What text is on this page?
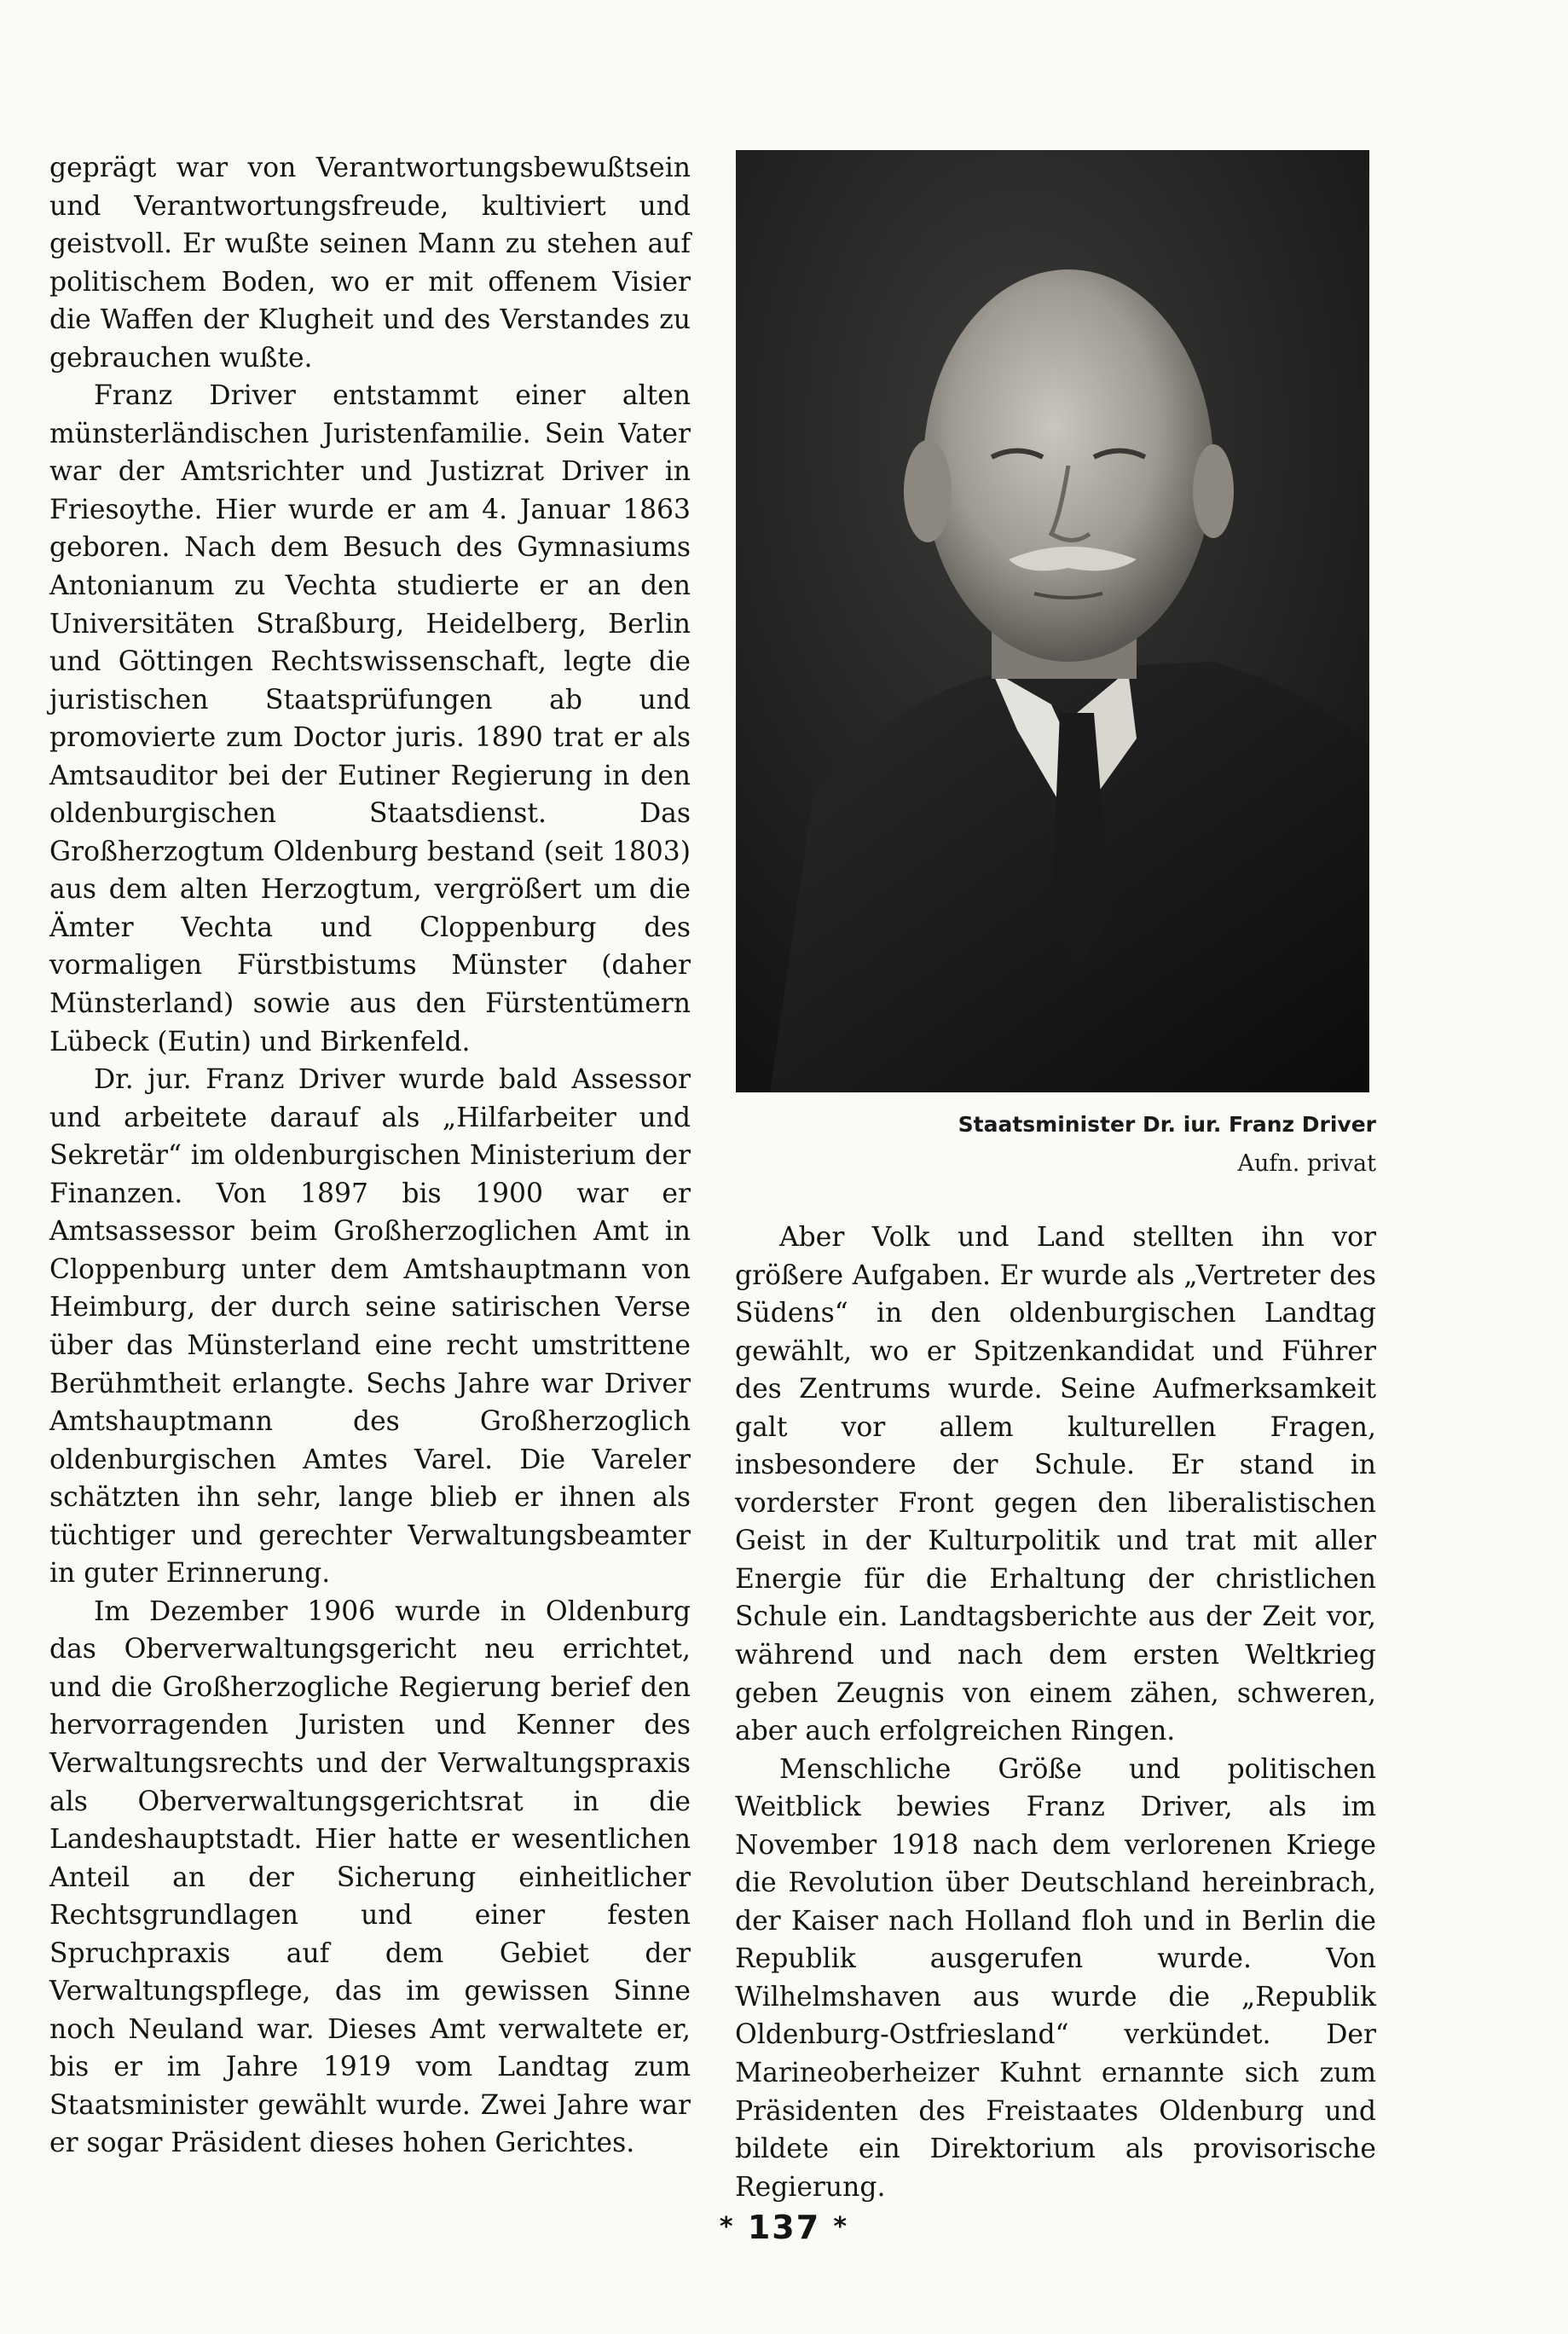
geprägt war von Verantwortungsbewußtsein und Verantwortungsfreude, kultiviert und geistvoll. Er wußte seinen Mann zu stehen auf politischem Boden, wo er mit offenem Visier die Waffen der Klugheit und des Verstandes zu gebrauchen wußte.

Franz Driver entstammt einer alten münsterländischen Juristenfamilie. Sein Vater war der Amtsrichter und Justizrat Driver in Friesoythe. Hier wurde er am 4. Januar 1863 geboren. Nach dem Besuch des Gymnasiums Antonianum zu Vechta studierte er an den Universitäten Straßburg, Heidelberg, Berlin und Göttingen Rechtswissenschaft, legte die juristischen Staatsprüfungen ab und promovierte zum Doctor juris. 1890 trat er als Amtsauditor bei der Eutiner Regierung in den oldenburgischen Staatsdienst. Das Großherzogtum Oldenburg bestand (seit 1803) aus dem alten Herzogtum, vergrößert um die Ämter Vechta und Cloppenburg des vormaligen Fürstbistums Münster (daher Münsterland) sowie aus den Fürstentümern Lübeck (Eutin) und Birkenfeld.

Dr. jur. Franz Driver wurde bald Assessor und arbeitete darauf als „Hilfarbeiter und Sekretär“ im oldenburgischen Ministerium der Finanzen. Von 1897 bis 1900 war er Amtsassessor beim Großherzoglichen Amt in Cloppenburg unter dem Amtshauptmann von Heimburg, der durch seine satirischen Verse über das Münsterland eine recht umstrittene Berühmtheit erlangte. Sechs Jahre war Driver Amtshauptmann des Großherzoglich oldenburgischen Amtes Varel. Die Vareler schätzten ihn sehr, lange blieb er ihnen als tüchtiger und gerechter Verwaltungsbeamter in guter Erinnerung.

Im Dezember 1906 wurde in Oldenburg das Oberverwaltungsgericht neu errichtet, und die Großherzogliche Regierung berief den hervorragenden Juristen und Kenner des Verwaltungsrechts und der Verwaltungspraxis als Oberverwaltungsgerichtsrat in die Landeshauptstadt. Hier hatte er wesentlichen Anteil an der Sicherung einheitlicher Rechtsgrundlagen und einer festen Spruchpraxis auf dem Gebiet der Verwaltungspflege, das im gewissen Sinne noch Neuland war. Dieses Amt verwaltete er, bis er im Jahre 1919 vom Landtag zum Staatsminister gewählt wurde. Zwei Jahre war er sogar Präsident dieses hohen Gerichtes.

Staatsminister Dr. iur. Franz Driver
Aufn. privat

Aber Volk und Land stellten ihn vor größere Aufgaben. Er wurde als „Vertreter des Südens“ in den oldenburgischen Landtag gewählt, wo er Spitzenkandidat und Führer des Zentrums wurde. Seine Aufmerksamkeit galt vor allem kulturellen Fragen, insbesondere der Schule. Er stand in vorderster Front gegen den liberalistischen Geist in der Kulturpolitik und trat mit aller Energie für die Erhaltung der christlichen Schule ein. Landtagsberichte aus der Zeit vor, während und nach dem ersten Weltkrieg geben Zeugnis von einem zähen, schweren, aber auch erfolgreichen Ringen.

Menschliche Größe und politischen Weitblick bewies Franz Driver, als im November 1918 nach dem verlorenen Kriege die Revolution über Deutschland hereinbrach, der Kaiser nach Holland floh und in Berlin die Republik ausgerufen wurde. Von Wilhelmshaven aus wurde die „Republik Oldenburg-Ostfriesland“ verkündet. Der Marineoberheizer Kuhnt ernannte sich zum Präsidenten des Freistaates Oldenburg und bildete ein Direktorium als provisorische Regierung.

* 137 *
